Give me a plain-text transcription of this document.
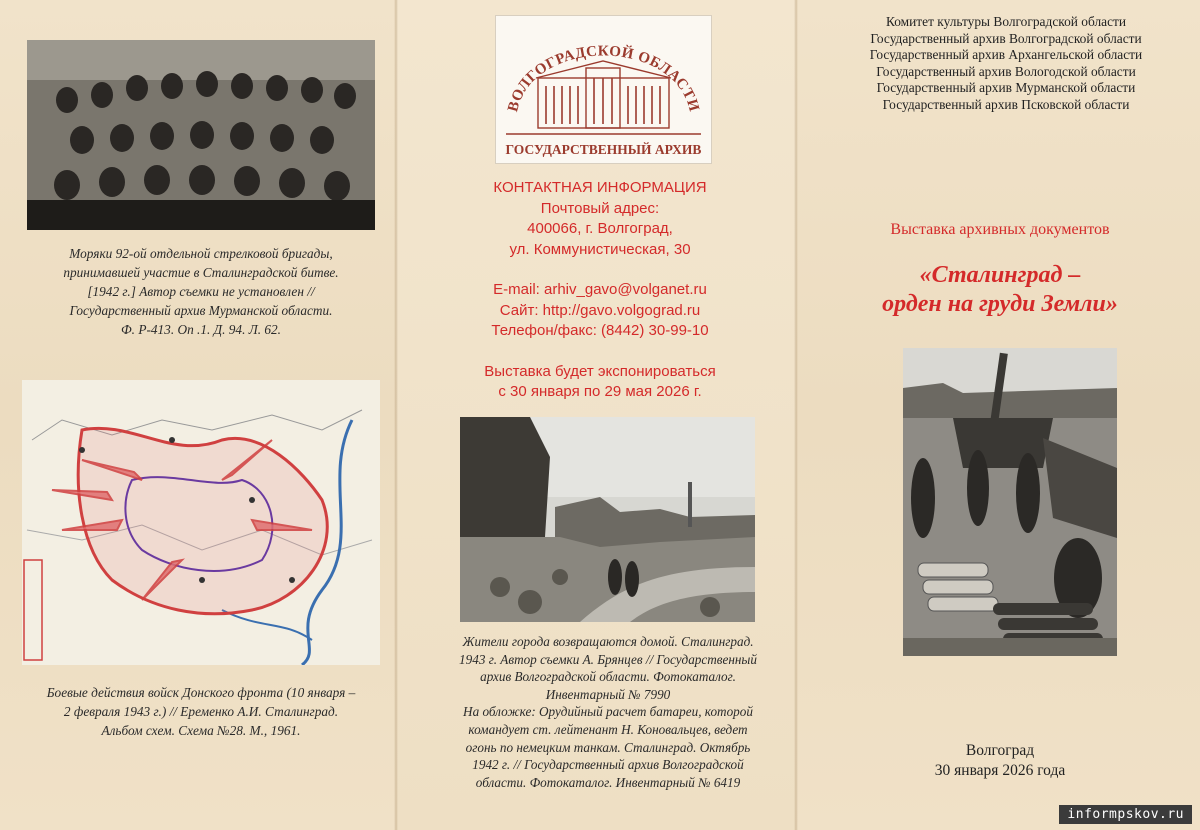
Моряки 92-ой отдельной стрелковой бригады,
принимавшей участие в Сталинградской битве.
[1942 г.] Автор съемки не установлен //
Государственный архив Мурманской области.
Ф. Р-413. Оп .1. Д. 94. Л. 62.
Боевые действия войск Донского фронта (10 января –
2 февраля 1943 г.) // Еременко А.И. Сталинград.
Альбом схем. Схема №28. М., 1961.
ВОЛГОГРАДСКОЙ ОБЛАСТИ
ГОСУДАРСТВЕННЫЙ АРХИВ
КОНТАКТНАЯ ИНФОРМАЦИЯ
Почтовый адрес:
400066, г. Волгоград,
ул. Коммунистическая, 30
E-mail: arhiv_gavo@volganet.ru
Сайт: http://gavo.volgograd.ru
Телефон/факс: (8442) 30-99-10
Выставка будет экспонироваться
с 30 января по 29 мая 2026 г.
Жители города возвращаются домой. Сталинград.
1943 г. Автор съемки А. Брянцев // Государственный
архив Волгоградской области. Фотокаталог.
Инвентарный № 7990
На обложке: Орудийный расчет батареи, которой
командует ст. лейтенант Н. Коновальцев, ведет
огонь по немецким танкам. Сталинград. Октябрь
1942 г. // Государственный архив Волгоградской
области. Фотокаталог. Инвентарный № 6419
Комитет культуры Волгоградской области
Государственный архив Волгоградской области
Государственный архив Архангельской области
Государственный архив Вологодской области
Государственный архив Мурманской области
Государственный архив Псковской области
Выставка архивных документов
«Сталинград –
орден на груди Земли»
Волгоград
30 января 2026 года
informpskov.ru
